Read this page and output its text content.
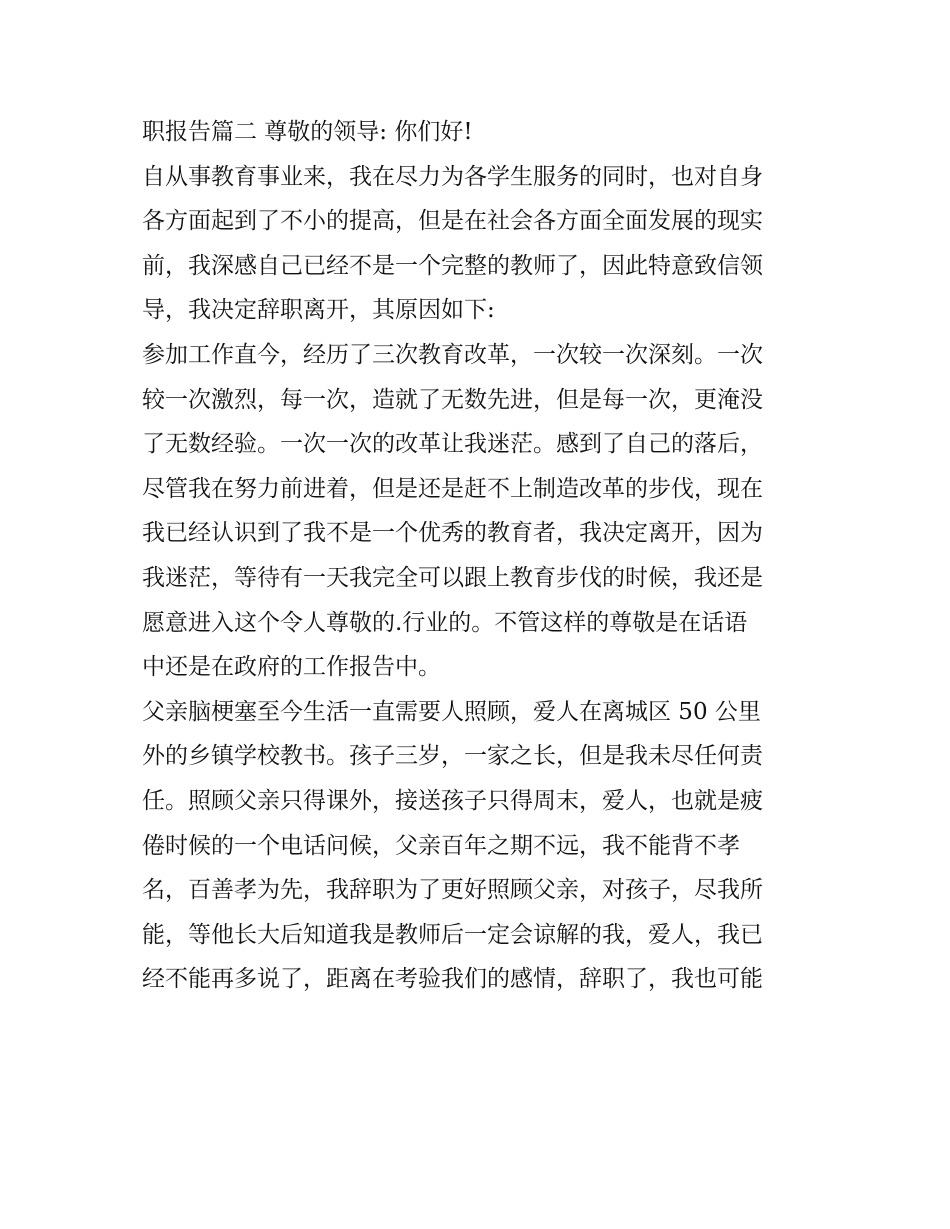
职报告篇二 尊敬的领导: 你们好!
自从事教育事业来，我在尽力为各学生服务的同时，也对自身
各方面起到了不小的提高，但是在社会各方面全面发展的现实
前，我深感自己已经不是一个完整的教师了，因此特意致信领
导，我决定辞职离开，其原因如下:
参加工作直今，经历了三次教育改革，一次较一次深刻。一次
较一次激烈，每一次，造就了无数先进，但是每一次，更淹没
了无数经验。一次一次的改革让我迷茫。感到了自己的落后，
尽管我在努力前进着，但是还是赶不上制造改革的步伐，现在
我已经认识到了我不是一个优秀的教育者，我决定离开，因为
我迷茫，等待有一天我完全可以跟上教育步伐的时候，我还是
愿意进入这个令人尊敬的.行业的。不管这样的尊敬是在话语
中还是在政府的工作报告中。
父亲脑梗塞至今生活一直需要人照顾，爱人在离城区 50 公里
外的乡镇学校教书。孩子三岁，一家之长，但是我未尽任何责
任。照顾父亲只得课外，接送孩子只得周末，爱人，也就是疲
倦时候的一个电话问候，父亲百年之期不远，我不能背不孝
名，百善孝为先，我辞职为了更好照顾父亲，对孩子，尽我所
能，等他长大后知道我是教师后一定会谅解的我，爱人，我已
经不能再多说了，距离在考验我们的感情，辞职了，我也可能
